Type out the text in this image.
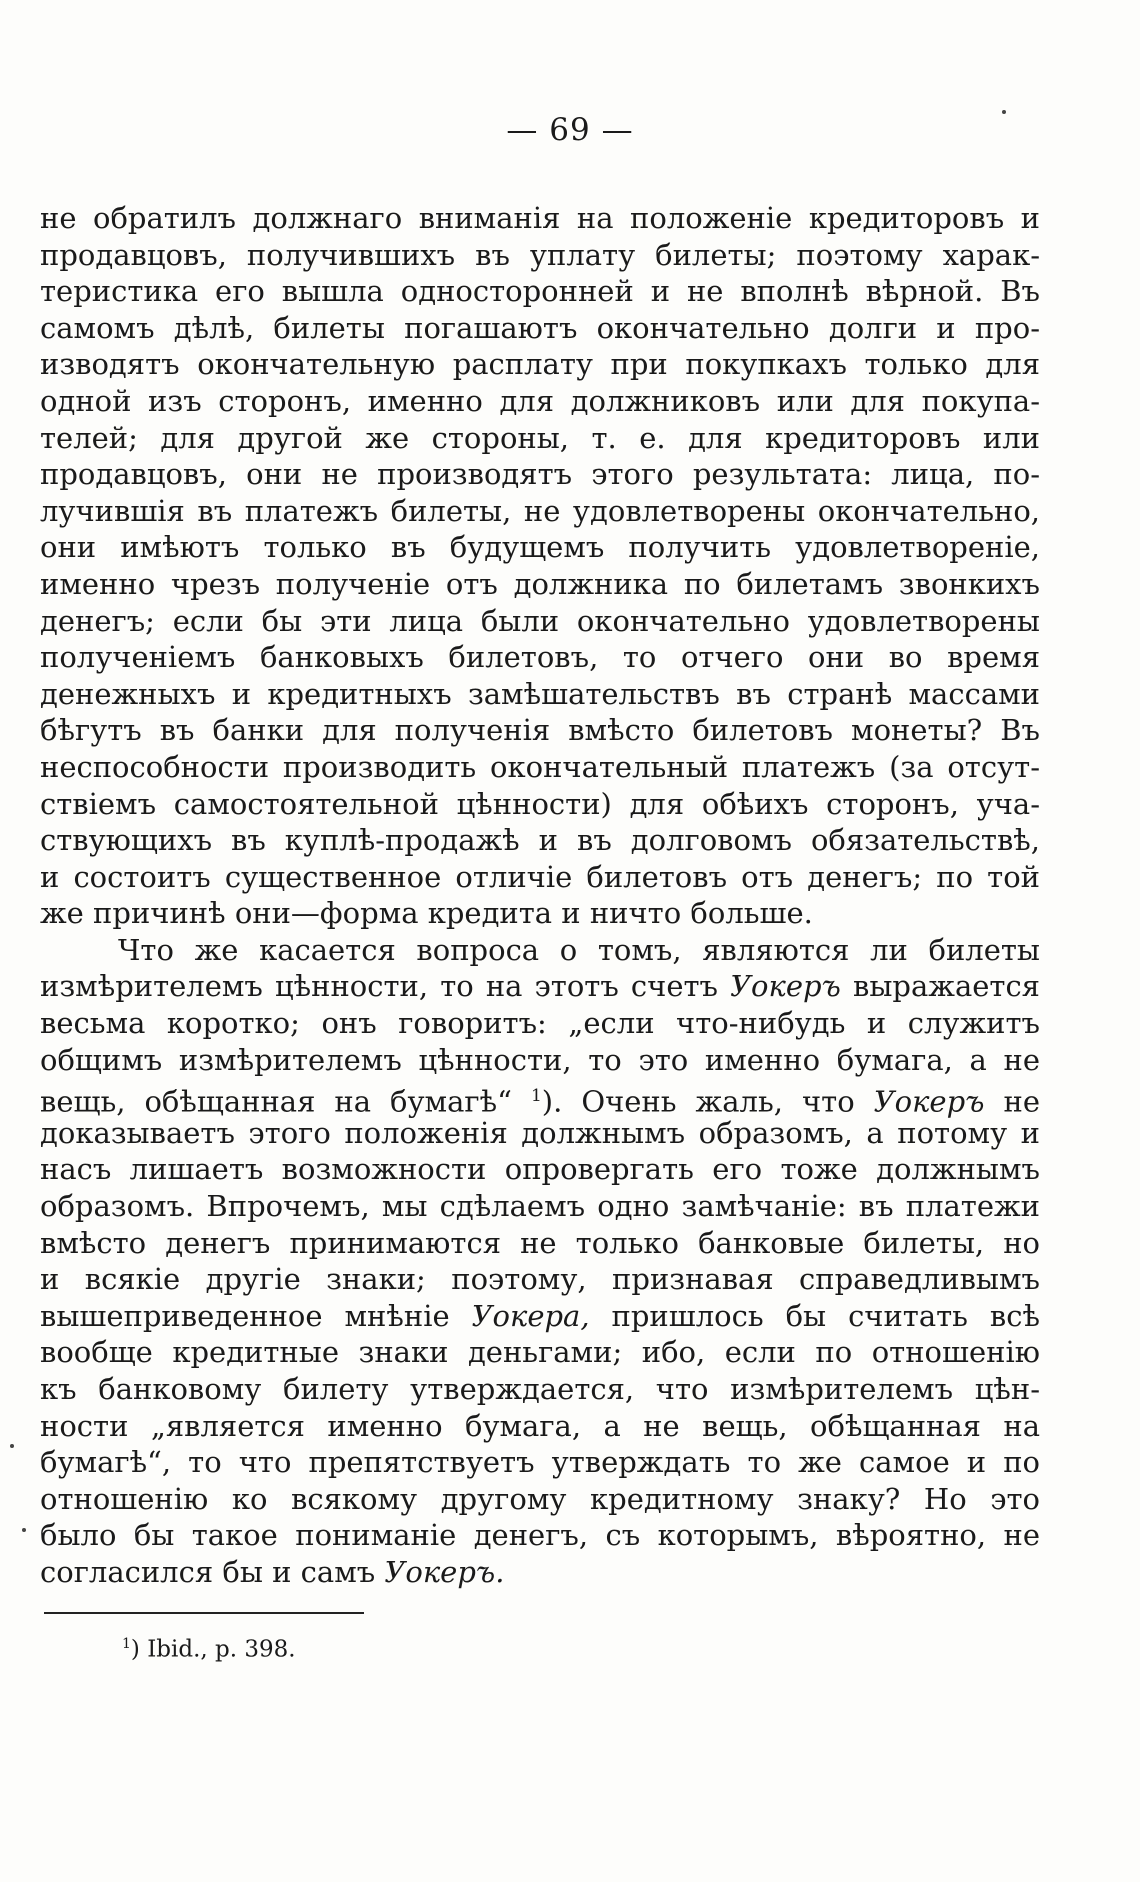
— 69 —
не обратилъ должнаго вниманія на положеніе кредиторовъ и
продавцовъ, получившихъ въ уплату билеты; поэтому харак-
теристика его вышла односторонней и не вполнѣ вѣрной. Въ
самомъ дѣлѣ, билеты погашаютъ окончательно долги и про-
изводятъ окончательную расплату при покупкахъ только для
одной изъ сторонъ, именно для должниковъ или для покупа-
телей; для другой же стороны, т. е. для кредиторовъ или
продавцовъ, они не производятъ этого результата: лица, по-
лучившія въ платежъ билеты, не удовлетворены окончательно,
они имѣютъ только въ будущемъ получить удовлетвореніе,
именно чрезъ полученіе отъ должника по билетамъ звонкихъ
денегъ; если бы эти лица были окончательно удовлетворены
полученіемъ банковыхъ билетовъ, то отчего они во время
денежныхъ и кредитныхъ замѣшательствъ въ странѣ массами
бѣгутъ въ банки для полученія вмѣсто билетовъ монеты? Въ
неспособности производить окончательный платежъ (за отсут-
ствіемъ самостоятельной цѣнности) для обѣихъ сторонъ, уча-
ствующихъ въ куплѣ-продажѣ и въ долговомъ обязательствѣ,
и состоитъ существенное отличіе билетовъ отъ денегъ; по той
же причинѣ они—форма кредита и ничто больше.
Что же касается вопроса о томъ, являются ли билеты
измѣрителемъ цѣнности, то на этотъ счетъ Уокеръ выражается
весьма коротко; онъ говоритъ: „если что-нибудь и служитъ
общимъ измѣрителемъ цѣнности, то это именно бумага, а не
вещь, обѣщанная на бумагѣ“ $^1$). Очень жаль, что Уокеръ не
доказываетъ этого положенія должнымъ образомъ, а потому и
насъ лишаетъ возможности опровергать его тоже должнымъ
образомъ. Впрочемъ, мы сдѣлаемъ одно замѣчаніе: въ платежи
вмѣсто денегъ принимаются не только банковые билеты, но
и всякіе другіе знаки; поэтому, признавая справедливымъ
вышеприведенное мнѣніе Уокера, пришлось бы считать всѣ
вообще кредитные знаки деньгами; ибо, если по отношенію
къ банковому билету утверждается, что измѣрителемъ цѣн-
ности „является именно бумага, а не вещь, обѣщанная на
бумагѣ“, то что препятствуетъ утверждать то же самое и по
отношенію ко всякому другому кредитному знаку? Но это
было бы такое пониманіе денегъ, съ которымъ, вѣроятно, не
согласился бы и самъ Уокеръ.
$^1$) Ibid., p. 398.
